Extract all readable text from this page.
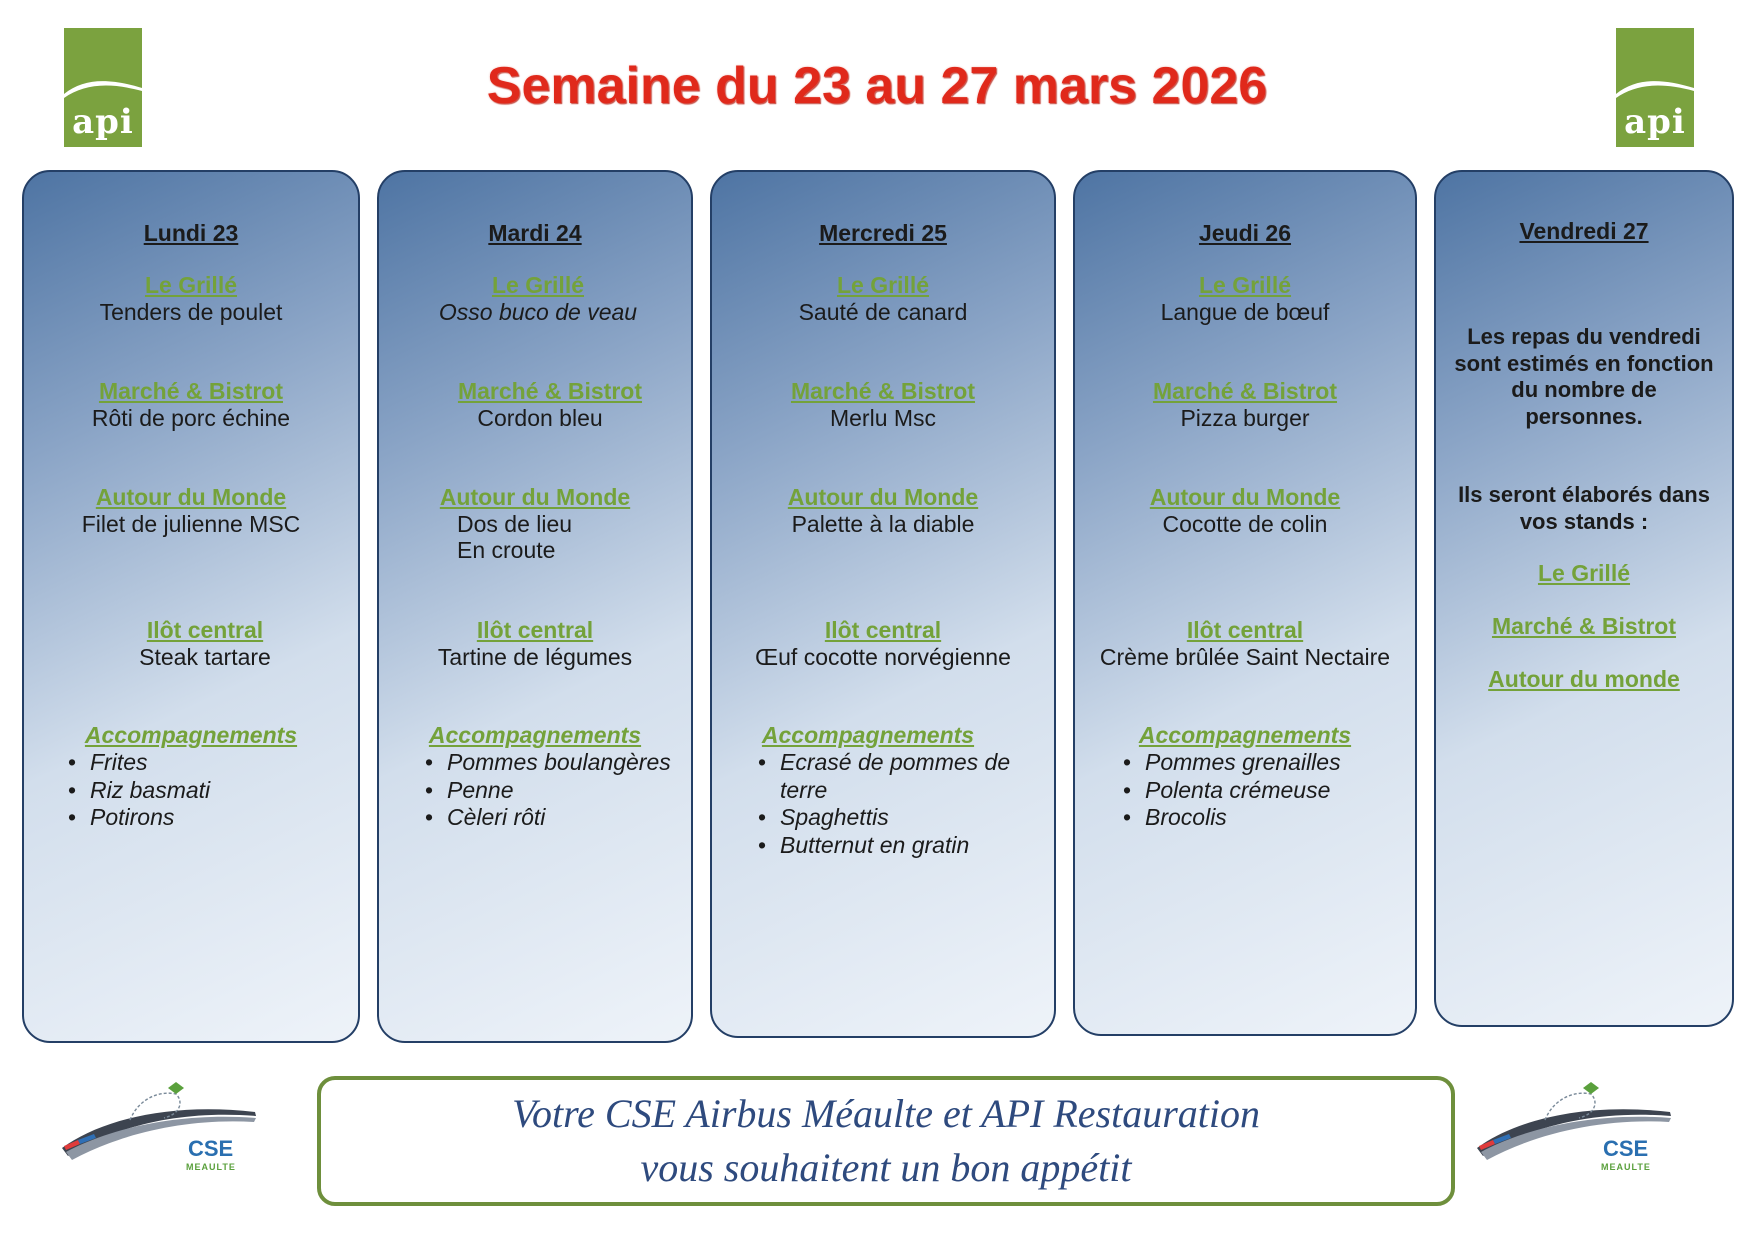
api	api
Semaine du 23 au 27 mars 2026
Lundi 23
Le Grillé
Tenders de poulet
Marché & Bistrot
Rôti de porc échine
Autour du Monde
Filet de julienne MSC
Ilôt central
Steak tartare
Accompagnements
• Frites
• Riz basmati
• Potirons
Mardi 24
Le Grillé
Osso buco de veau
Marché & Bistrot
Cordon bleu
Autour du Monde
Dos de lieu
En croute
Ilôt central
Tartine de légumes
Accompagnements
• Pommes boulangères
• Penne
• Cèleri rôti
Mercredi 25
Le Grillé
Sauté de canard
Marché & Bistrot
Merlu Msc
Autour du Monde
Palette à la diable
Ilôt central
Œuf cocotte norvégienne
Accompagnements
• Ecrasé de pommes de terre
• Spaghettis
• Butternut en gratin
Jeudi 26
Le Grillé
Langue de bœuf
Marché & Bistrot
Pizza burger
Autour du Monde
Cocotte de colin
Ilôt central
Crème brûlée Saint Nectaire
Accompagnements
• Pommes grenailles
• Polenta crémeuse
• Brocolis
Vendredi 27
Les repas du vendredi sont estimés en fonction du nombre de personnes.
Ils seront élaborés dans vos stands :
Le Grillé
Marché & Bistrot
Autour du monde
CSE
MEAULTE
CSE
MEAULTE
Votre CSE Airbus Méaulte et API Restauration
vous souhaitent un bon appétit
